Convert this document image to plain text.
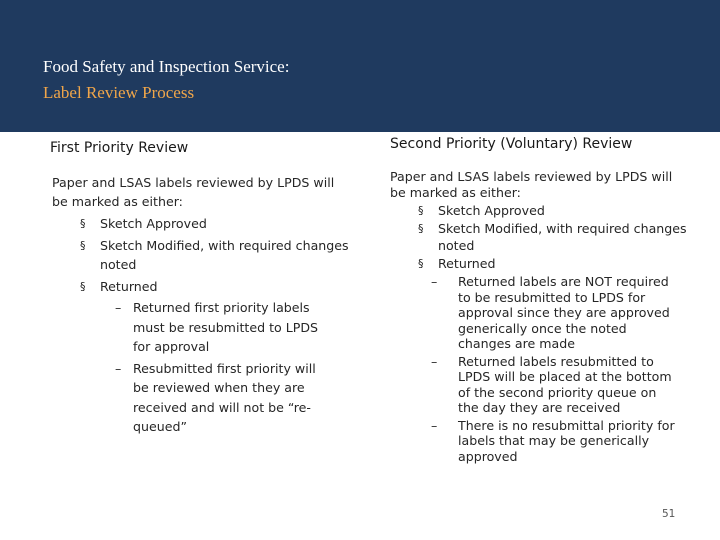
Food Safety and Inspection Service:
Label Review Process
First Priority Review
Paper and LSAS labels reviewed by LPDS will be marked as either:
§ Sketch Approved
§ Sketch Modified, with required changes noted
§ Returned
– Returned first priority labels must be resubmitted to LPDS for approval
– Resubmitted first priority will be reviewed when they are received and will not be “re-queued”
Second Priority (Voluntary) Review
Paper and LSAS labels reviewed by LPDS will be marked as either:
§ Sketch Approved
§ Sketch Modified, with required changes noted
§ Returned
– Returned labels are NOT required to be resubmitted to LPDS for approval since they are approved generically once the noted changes are made
– Returned labels resubmitted to LPDS will be placed at the bottom of the second priority queue on the day they are received
– There is no resubmittal priority for labels that may be generically approved
51
